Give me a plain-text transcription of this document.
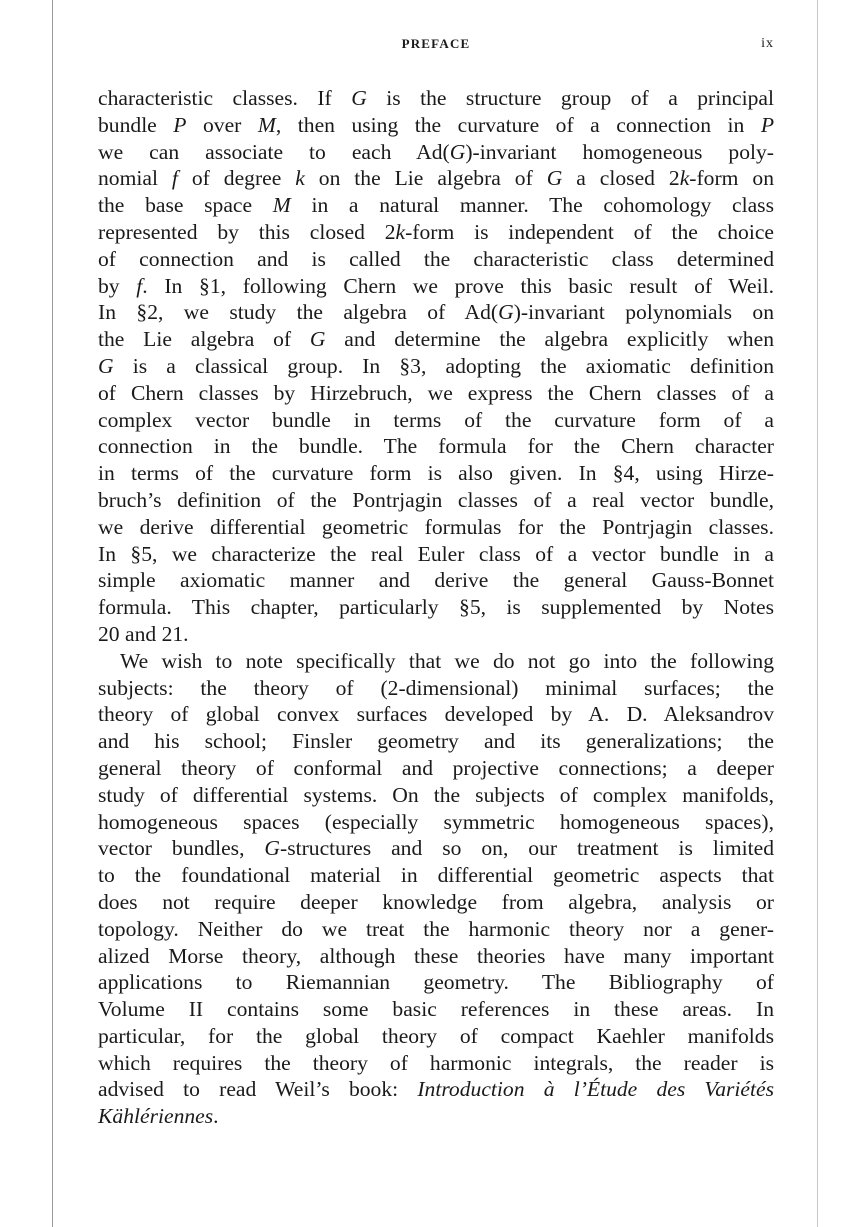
PREFACE	ix
characteristic classes. If G is the structure group of a principal
bundle P over M, then using the curvature of a connection in P
we can associate to each Ad(G)-invariant homogeneous poly-
nomial f of degree k on the Lie algebra of G a closed 2k-form on
the base space M in a natural manner. The cohomology class
represented by this closed 2k-form is independent of the choice
of connection and is called the characteristic class determined
by f. In §1, following Chern we prove this basic result of Weil.
In §2, we study the algebra of Ad(G)-invariant polynomials on
the Lie algebra of G and determine the algebra explicitly when
G is a classical group. In §3, adopting the axiomatic definition
of Chern classes by Hirzebruch, we express the Chern classes of a
complex vector bundle in terms of the curvature form of a
connection in the bundle. The formula for the Chern character
in terms of the curvature form is also given. In §4, using Hirze-
bruch’s definition of the Pontrjagin classes of a real vector bundle,
we derive differential geometric formulas for the Pontrjagin classes.
In §5, we characterize the real Euler class of a vector bundle in a
simple axiomatic manner and derive the general Gauss-Bonnet
formula. This chapter, particularly §5, is supplemented by Notes
20 and 21.
We wish to note specifically that we do not go into the following
subjects: the theory of (2-dimensional) minimal surfaces; the
theory of global convex surfaces developed by A. D. Aleksandrov
and his school; Finsler geometry and its generalizations; the
general theory of conformal and projective connections; a deeper
study of differential systems. On the subjects of complex manifolds,
homogeneous spaces (especially symmetric homogeneous spaces),
vector bundles, G-structures and so on, our treatment is limited
to the foundational material in differential geometric aspects that
does not require deeper knowledge from algebra, analysis or
topology. Neither do we treat the harmonic theory nor a gener-
alized Morse theory, although these theories have many important
applications to Riemannian geometry. The Bibliography of
Volume II contains some basic references in these areas. In
particular, for the global theory of compact Kaehler manifolds
which requires the theory of harmonic integrals, the reader is
advised to read Weil’s book: Introduction à l’Étude des Variétés
Kählériennes.
